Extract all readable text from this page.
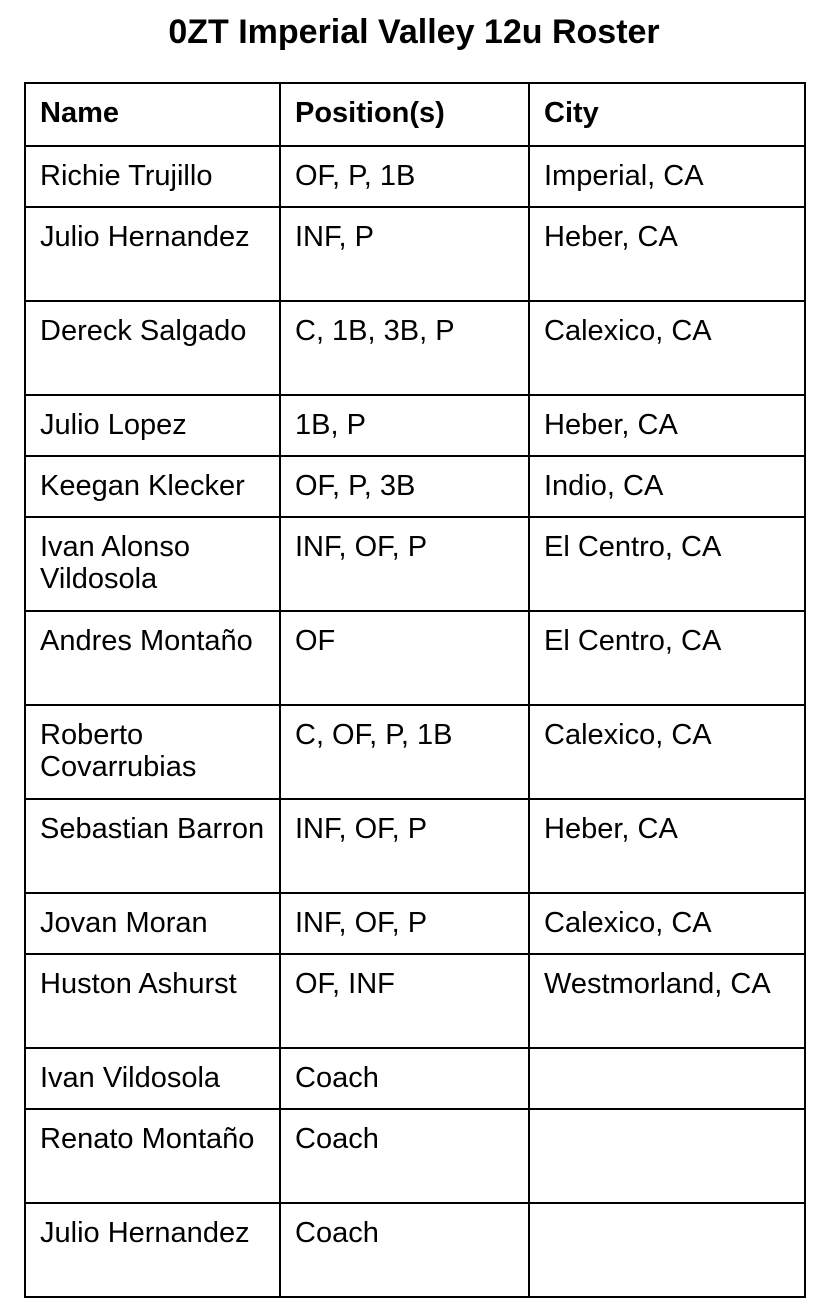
0ZT Imperial Valley 12u Roster
Name	Position(s)	City
Richie Trujillo	OF, P, 1B	Imperial, CA
Julio Hernandez	INF, P	Heber, CA
Dereck Salgado	C, 1B, 3B, P	Calexico, CA
Julio Lopez	1B, P	Heber, CA
Keegan Klecker	OF, P, 3B	Indio, CA
Ivan Alonso Vildosola	INF, OF, P	El Centro, CA
Andres Montaño	OF	El Centro, CA
Roberto Covarrubias	C, OF, P, 1B	Calexico, CA
Sebastian Barron	INF, OF, P	Heber, CA
Jovan Moran	INF, OF, P	Calexico, CA
Huston Ashurst	OF, INF	Westmorland, CA
Ivan Vildosola	Coach	
Renato Montaño	Coach	
Julio Hernandez	Coach	
